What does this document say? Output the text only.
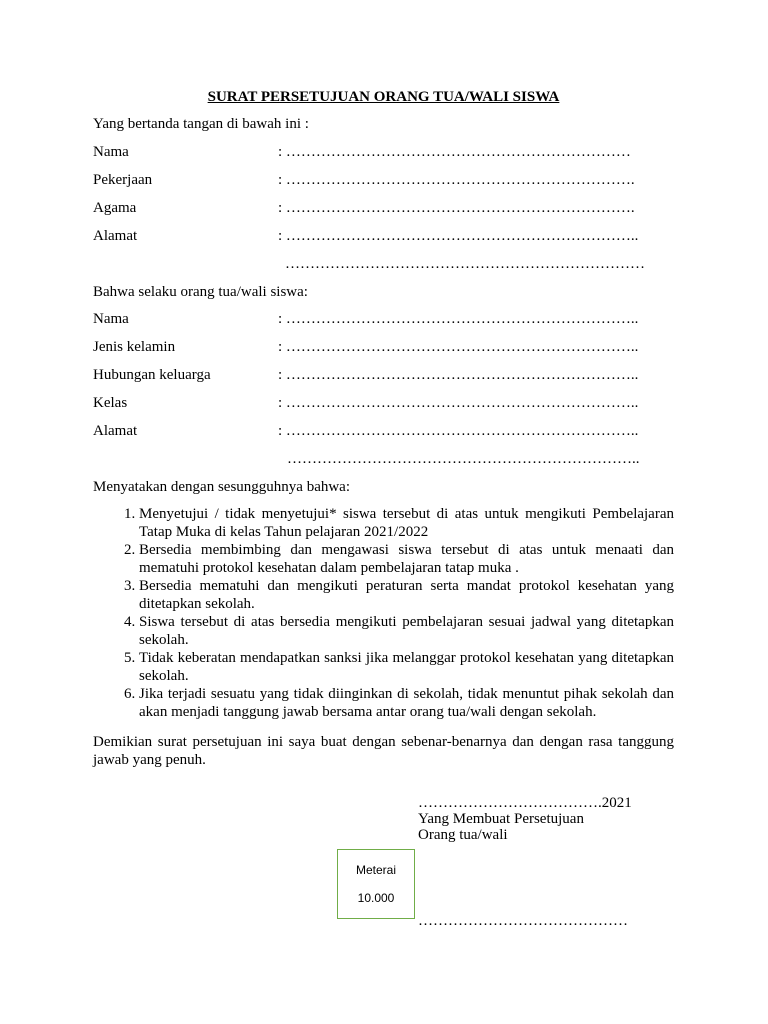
SURAT PERSETUJUAN ORANG TUA/WALI SISWA
Yang bertanda tangan di bawah ini :
Nama	: ……………………………………………………………
Pekerjaan	: …………………………………………………………….
Agama	: …………………………………………………………….
Alamat	: ……………………………………………………………..
………………………………………………………………
Bahwa selaku orang tua/wali siswa:
Nama	: ……………………………………………………………..
Jenis kelamin	: ……………………………………………………………..
Hubungan keluarga	: ……………………………………………………………..
Kelas	: ……………………………………………………………..
Alamat	: ……………………………………………………………..
……………………………………………………………..
Menyatakan dengan sesungguhnya bahwa:
1. Menyetujui / tidak menyetujui* siswa tersebut di atas untuk mengikuti Pembelajaran Tatap Muka di kelas Tahun pelajaran 2021/2022
2. Bersedia membimbing dan mengawasi siswa tersebut di atas untuk menaati dan mematuhi protokol kesehatan dalam pembelajaran tatap muka .
3. Bersedia mematuhi dan mengikuti peraturan serta mandat protokol kesehatan yang ditetapkan sekolah.
4. Siswa tersebut di atas bersedia mengikuti pembelajaran sesuai jadwal yang ditetapkan sekolah.
5. Tidak keberatan mendapatkan sanksi jika melanggar protokol kesehatan yang ditetapkan sekolah.
6. Jika terjadi sesuatu yang tidak diinginkan di sekolah, tidak menuntut pihak sekolah dan akan menjadi tanggung jawab bersama antar orang tua/wali dengan sekolah.
Demikian surat persetujuan ini saya buat dengan sebenar-benarnya dan dengan rasa tanggung jawab yang penuh.
……………………………….2021
Yang Membuat Persetujuan
Orang tua/wali
Meterai
10.000
……………………………………
